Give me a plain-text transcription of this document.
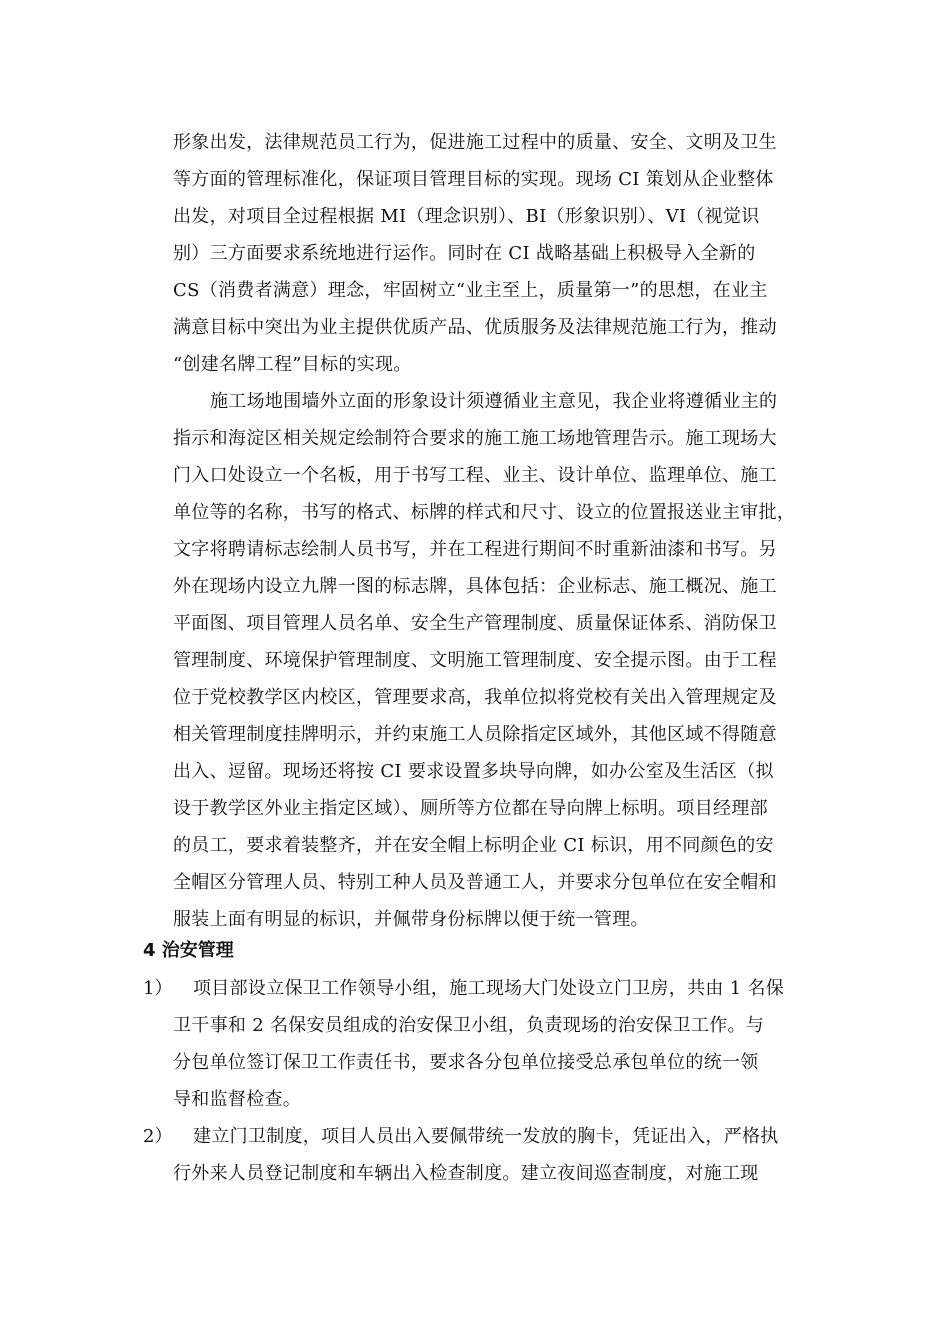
形象出发，法律规范员工行为，促进施工过程中的质量、安全、文明及卫生
等方面的管理标准化，保证项目管理目标的实现。现场 CI 策划从企业整体
出发，对项目全过程根据 MI（理念识别）、BI（形象识别）、VI（视觉识
别）三方面要求系统地进行运作。同时在 CI 战略基础上积极导入全新的
CS（消费者满意）理念，牢固树立“业主至上，质量第一”的思想，在业主
满意目标中突出为业主提供优质产品、优质服务及法律规范施工行为，推动
“创建名牌工程”目标的实现。
施工场地围墙外立面的形象设计须遵循业主意见，我企业将遵循业主的
指示和海淀区相关规定绘制符合要求的施工施工场地管理告示。施工现场大
门入口处设立一个名板，用于书写工程、业主、设计单位、监理单位、施工
单位等的名称，书写的格式、标牌的样式和尺寸、设立的位置报送业主审批，
文字将聘请标志绘制人员书写，并在工程进行期间不时重新油漆和书写。另
外在现场内设立九牌一图的标志牌，具体包括：企业标志、施工概况、施工
平面图、项目管理人员名单、安全生产管理制度、质量保证体系、消防保卫
管理制度、环境保护管理制度、文明施工管理制度、安全提示图。由于工程
位于党校教学区内校区，管理要求高，我单位拟将党校有关出入管理规定及
相关管理制度挂牌明示，并约束施工人员除指定区域外，其他区域不得随意
出入、逗留。现场还将按 CI 要求设置多块导向牌，如办公室及生活区（拟
设于教学区外业主指定区域）、厕所等方位都在导向牌上标明。项目经理部
的员工，要求着装整齐，并在安全帽上标明企业 CI 标识，用不同颜色的安
全帽区分管理人员、特别工种人员及普通工人，并要求分包单位在安全帽和
服装上面有明显的标识，并佩带身份标牌以便于统一管理。
4 治安管理
1） 项目部设立保卫工作领导小组，施工现场大门处设立门卫房，共由 1 名保
卫干事和 2 名保安员组成的治安保卫小组，负责现场的治安保卫工作。与
分包单位签订保卫工作责任书，要求各分包单位接受总承包单位的统一领
导和监督检查。
2） 建立门卫制度，项目人员出入要佩带统一发放的胸卡，凭证出入，严格执
行外来人员登记制度和车辆出入检查制度。建立夜间巡查制度，对施工现
